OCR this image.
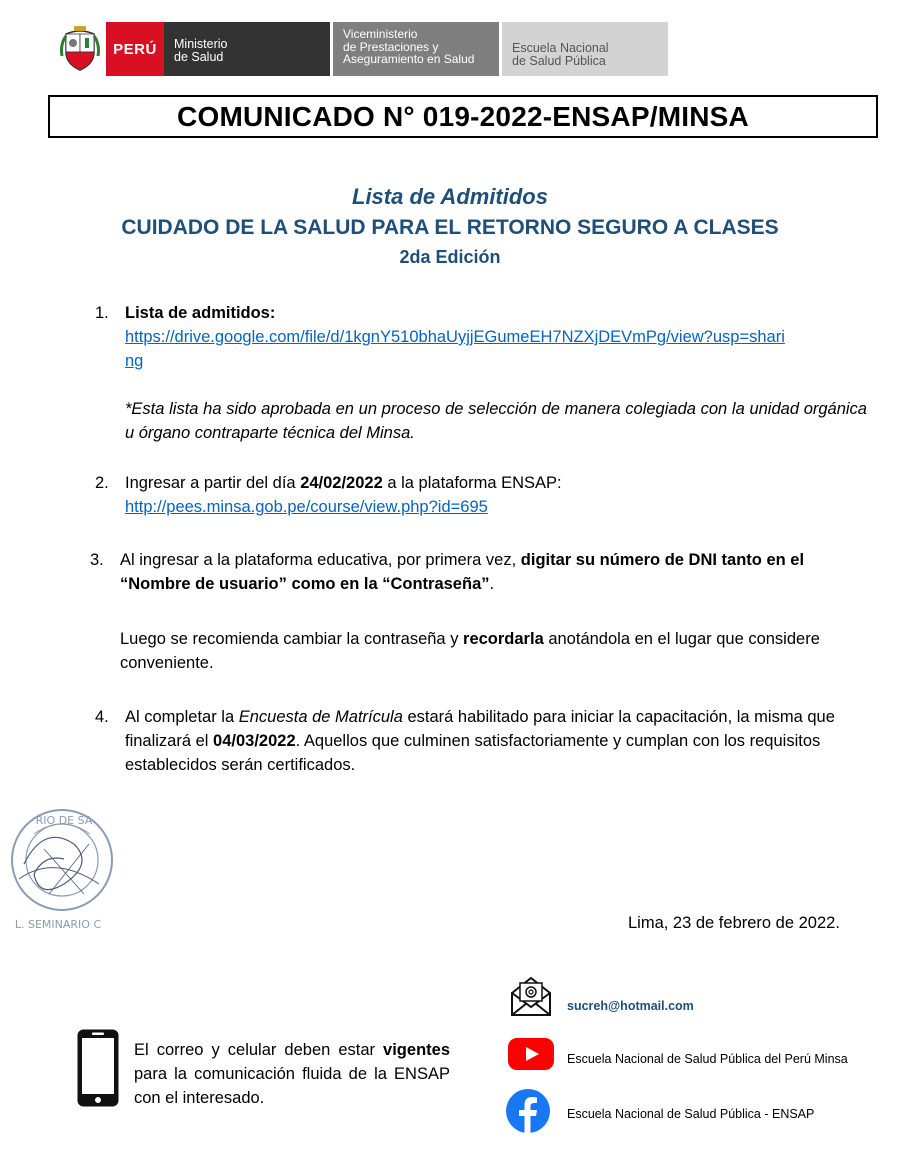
PERÚ	Ministerio
de Salud
Viceministerio
de Prestaciones y
Aseguramiento en Salud
Escuela Nacional
de Salud Pública
COMUNICADO N° 019-2022-ENSAP/MINSA
Lista de Admitidos
CUIDADO DE LA SALUD PARA EL RETORNO SEGURO A CLASES
2da Edición
1. Lista de admitidos:
https://drive.google.com/file/d/1kgnY510bhaUyjjEGumeEH7NZXjDEVmPg/view?usp=shari
ng
*Esta lista ha sido aprobada en un proceso de selección de manera colegiada con la unidad orgánica u órgano contraparte técnica del Minsa.
2. Ingresar a partir del día 24/02/2022 a la plataforma ENSAP:
http://pees.minsa.gob.pe/course/view.php?id=695
3. Al ingresar a la plataforma educativa, por primera vez, digitar su número de DNI tanto en el “Nombre de usuario” como en la “Contraseña”.
Luego se recomienda cambiar la contraseña y recordarla anotándola en el lugar que considere conveniente.
4. Al completar la Encuesta de Matrícula estará habilitado para iniciar la capacitación, la misma que finalizará el 04/03/2022. Aquellos que culminen satisfactoriamente y cumplan con los requisitos establecidos serán certificados.
RIO DE SA
L. SEMINARIO C	Lima, 23 de febrero de 2022.
El correo y celular deben estar vigentes para la comunicación fluida de la ENSAP con el interesado.
sucreh@hotmail.com
Escuela Nacional de Salud Pública del Perú Minsa
Escuela Nacional de Salud Pública - ENSAP
